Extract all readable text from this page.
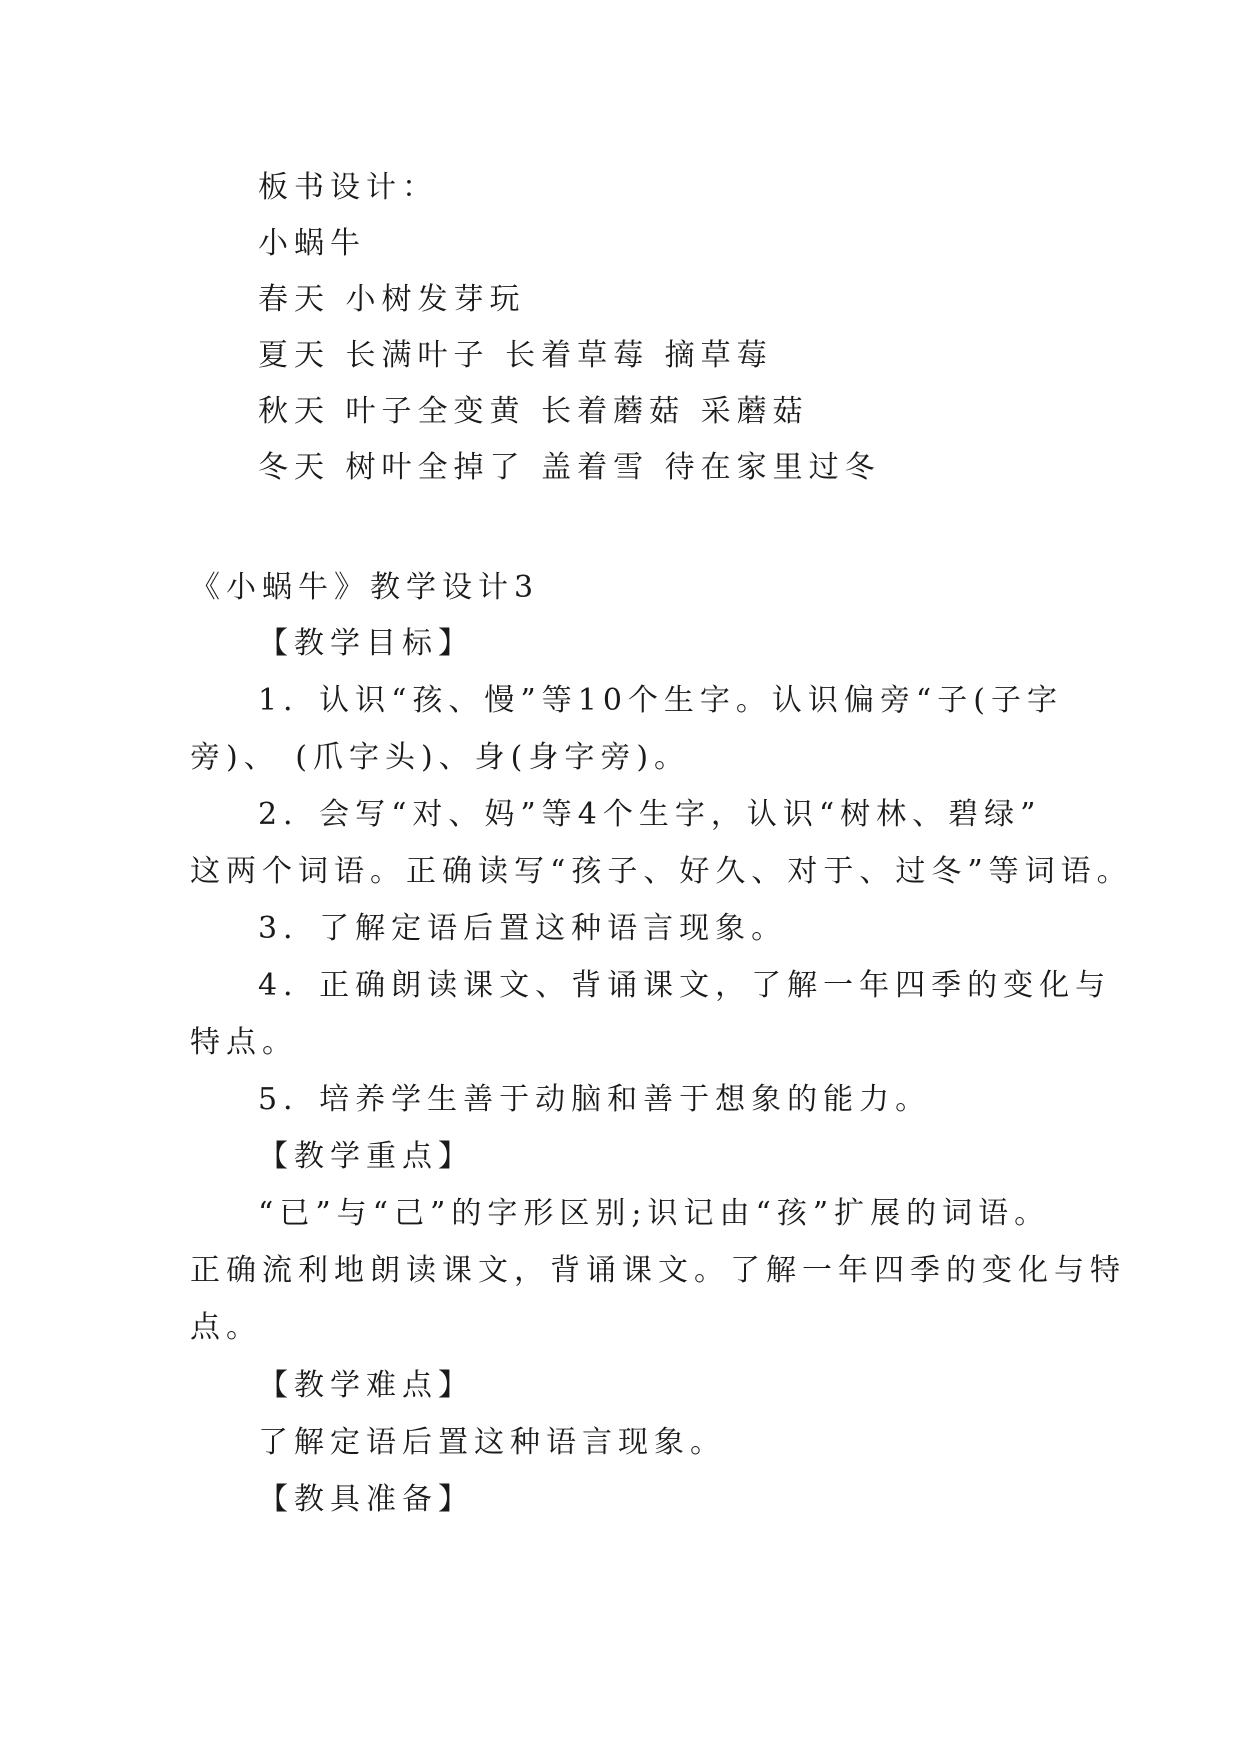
板书设计：
小蜗牛
春天 小树发芽玩
夏天 长满叶子 长着草莓 摘草莓
秋天 叶子全变黄 长着蘑菇 采蘑菇
冬天 树叶全掉了 盖着雪 待在家里过冬
《小蜗牛》教学设计3
【教学目标】
1．认识“孩、慢”等10个生字。认识偏旁“子(子字
旁)、 (爪字头)、身(身字旁)。
2．会写“对、妈”等4个生字，认识“树林、碧绿”
这两个词语。正确读写“孩子、好久、对于、过冬”等词语。
3．了解定语后置这种语言现象。
4．正确朗读课文、背诵课文，了解一年四季的变化与
特点。
5．培养学生善于动脑和善于想象的能力。
【教学重点】
“已”与“己”的字形区别;识记由“孩”扩展的词语。
正确流利地朗读课文，背诵课文。了解一年四季的变化与特
点。
【教学难点】
了解定语后置这种语言现象。
【教具准备】
